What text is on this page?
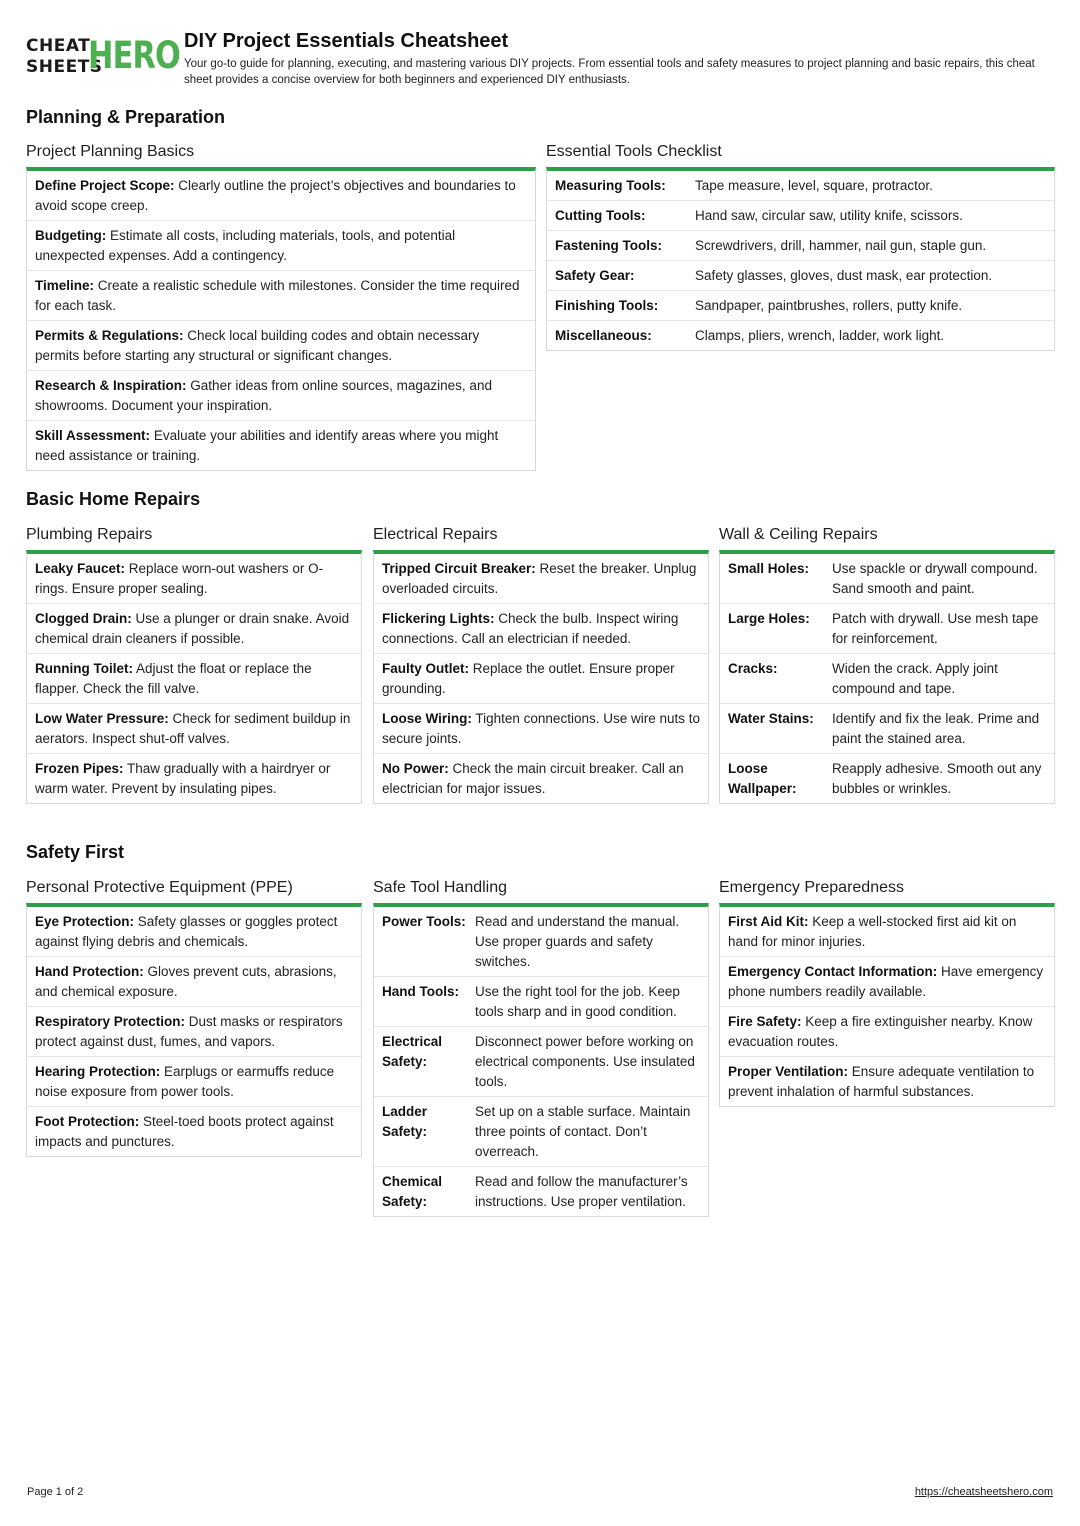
CHEAT
SHEETS
HERO DIY Project Essentials Cheatsheet
Your go-to guide for planning, executing, and mastering various DIY projects. From essential tools and safety measures to project planning and basic repairs, this cheat sheet provides a concise overview for both beginners and experienced DIY enthusiasts.
Planning & Preparation
Project Planning Basics
Define Project Scope: Clearly outline the project’s objectives and boundaries to avoid scope creep.
Budgeting: Estimate all costs, including materials, tools, and potential unexpected expenses. Add a contingency.
Timeline: Create a realistic schedule with milestones. Consider the time required for each task.
Permits & Regulations: Check local building codes and obtain necessary permits before starting any structural or significant changes.
Research & Inspiration: Gather ideas from online sources, magazines, and showrooms. Document your inspiration.
Skill Assessment: Evaluate your abilities and identify areas where you might need assistance or training.
Essential Tools Checklist
Measuring Tools:	Tape measure, level, square, protractor.
Cutting Tools:	Hand saw, circular saw, utility knife, scissors.
Fastening Tools:	Screwdrivers, drill, hammer, nail gun, staple gun.
Safety Gear:	Safety glasses, gloves, dust mask, ear protection.
Finishing Tools:	Sandpaper, paintbrushes, rollers, putty knife.
Miscellaneous:	Clamps, pliers, wrench, ladder, work light.
Basic Home Repairs
Plumbing Repairs
Leaky Faucet: Replace worn-out washers or O-rings. Ensure proper sealing.
Clogged Drain: Use a plunger or drain snake. Avoid chemical drain cleaners if possible.
Running Toilet: Adjust the float or replace the flapper. Check the fill valve.
Low Water Pressure: Check for sediment buildup in aerators. Inspect shut-off valves.
Frozen Pipes: Thaw gradually with a hairdryer or warm water. Prevent by insulating pipes.
Electrical Repairs
Tripped Circuit Breaker: Reset the breaker. Unplug overloaded circuits.
Flickering Lights: Check the bulb. Inspect wiring connections. Call an electrician if needed.
Faulty Outlet: Replace the outlet. Ensure proper grounding.
Loose Wiring: Tighten connections. Use wire nuts to secure joints.
No Power: Check the main circuit breaker. Call an electrician for major issues.
Wall & Ceiling Repairs
Small Holes:	Use spackle or drywall compound. Sand smooth and paint.
Large Holes:	Patch with drywall. Use mesh tape for reinforcement.
Cracks:	Widen the crack. Apply joint compound and tape.
Water Stains:	Identify and fix the leak. Prime and paint the stained area.
Loose Wallpaper:
Reapply adhesive. Smooth out any bubbles or wrinkles.
Safety First
Personal Protective Equipment (PPE)
Eye Protection: Safety glasses or goggles protect against flying debris and chemicals.
Hand Protection: Gloves prevent cuts, abrasions, and chemical exposure.
Respiratory Protection: Dust masks or respirators protect against dust, fumes, and vapors.
Hearing Protection: Earplugs or earmuffs reduce noise exposure from power tools.
Foot Protection: Steel-toed boots protect against impacts and punctures.
Safe Tool Handling
Power Tools: Read and understand the manual. Use proper guards and safety switches.
Hand Tools:	Use the right tool for the job. Keep tools sharp and in good condition.
Electrical Safety:
Disconnect power before working on electrical components. Use insulated tools.
Ladder Safety:
Set up on a stable surface. Maintain three points of contact. Don’t overreach.
Chemical Safety:
Read and follow the manufacturer’s instructions. Use proper ventilation.
Emergency Preparedness
First Aid Kit: Keep a well-stocked first aid kit on hand for minor injuries.
Emergency Contact Information: Have emergency phone numbers readily available.
Fire Safety: Keep a fire extinguisher nearby. Know evacuation routes.
Proper Ventilation: Ensure adequate ventilation to prevent inhalation of harmful substances.
Page 1 of 2	https://cheatsheetshero.com
